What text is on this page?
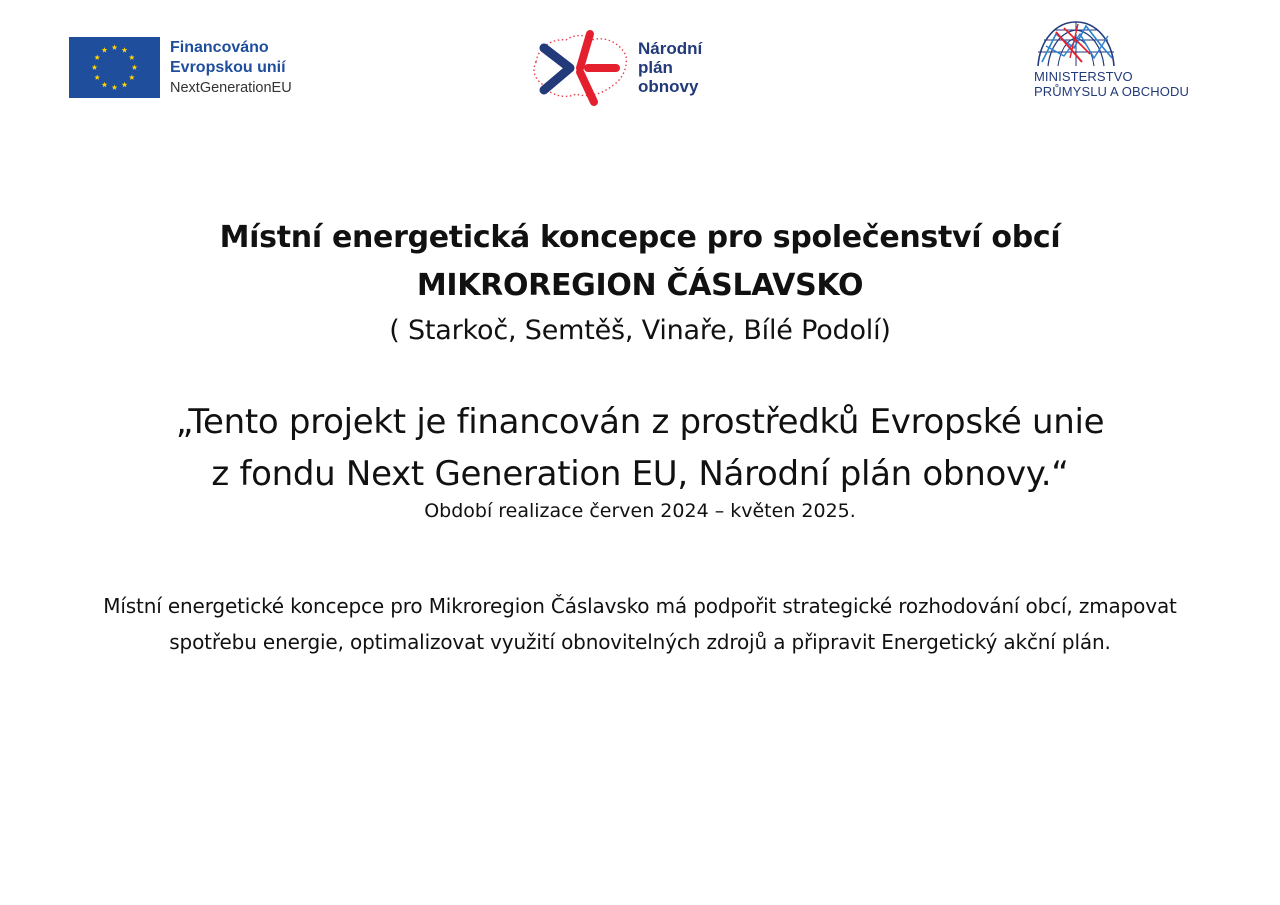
Financováno
Evropskou unií
NextGenerationEU
Národní
plán
obnovy	MINISTERSTVO
PRŮMYSLU A OBCHODU
Místní energetická koncepce pro společenství obcí
MIKROREGION ČÁSLAVSKO
( Starkoč, Semtěš, Vinaře, Bílé Podolí)
„Tento projekt je financován z prostředků Evropské unie
z fondu Next Generation EU, Národní plán obnovy.“
Období realizace červen 2024 – květen 2025.
Místní energetické koncepce pro Mikroregion Čáslavsko má podpořit strategické rozhodování obcí, zmapovat spotřebu energie, optimalizovat využití obnovitelných zdrojů a připravit Energetický akční plán.
